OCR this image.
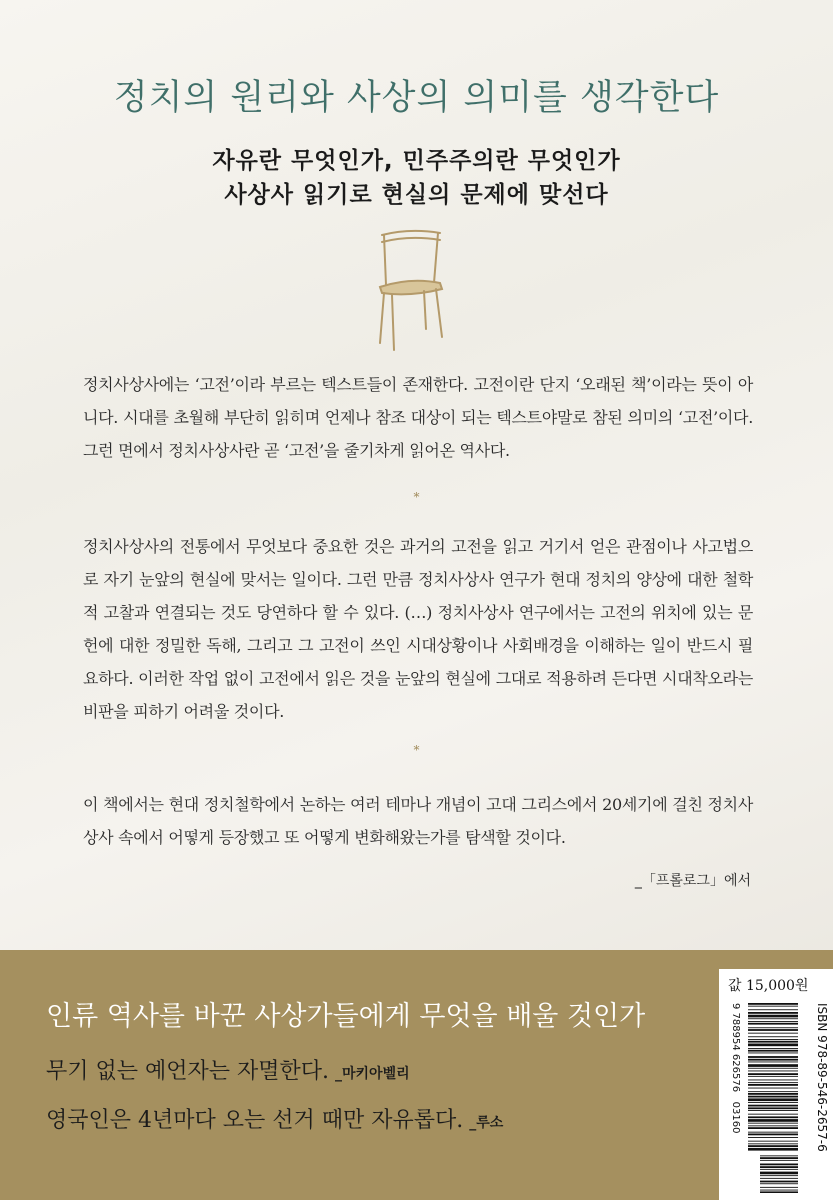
정치의 원리와 사상의 의미를 생각한다
자유란 무엇인가, 민주주의란 무엇인가
사상사 읽기로 현실의 문제에 맞선다
정치사상사에는 ‘고전’이라 부르는 텍스트들이 존재한다. 고전이란 단지 ‘오래된 책’이라는 뜻이 아니다. 시대를 초월해 부단히 읽히며 언제나 참조 대상이 되는 텍스트야말로 참된 의미의 ‘고전’이다. 그런 면에서 정치사상사란 곧 ‘고전’을 줄기차게 읽어온 역사다.
*
정치사상사의 전통에서 무엇보다 중요한 것은 과거의 고전을 읽고 거기서 얻은 관점이나 사고법으로 자기 눈앞의 현실에 맞서는 일이다. 그런 만큼 정치사상사 연구가 현대 정치의 양상에 대한 철학적 고찰과 연결되는 것도 당연하다 할 수 있다. (…) 정치사상사 연구에서는 고전의 위치에 있는 문헌에 대한 정밀한 독해, 그리고 그 고전이 쓰인 시대상황이나 사회배경을 이해하는 일이 반드시 필요하다. 이러한 작업 없이 고전에서 읽은 것을 눈앞의 현실에 그대로 적용하려 든다면 시대착오라는 비판을 피하기 어려울 것이다.
*
이 책에서는 현대 정치철학에서 논하는 여러 테마나 개념이 고대 그리스에서 20세기에 걸친 정치사상사 속에서 어떻게 등장했고 또 어떻게 변화해왔는가를 탐색할 것이다.
_「프롤로그」에서
인류 역사를 바꾼 사상가들에게 무엇을 배울 것인가
무기 없는 예언자는 자멸한다. _마키아벨리
영국인은 4년마다 오는 선거 때만 자유롭다. _루소
값 15,000원
9 788954 626576   03160	ISBN 978-89-546-2657-6
